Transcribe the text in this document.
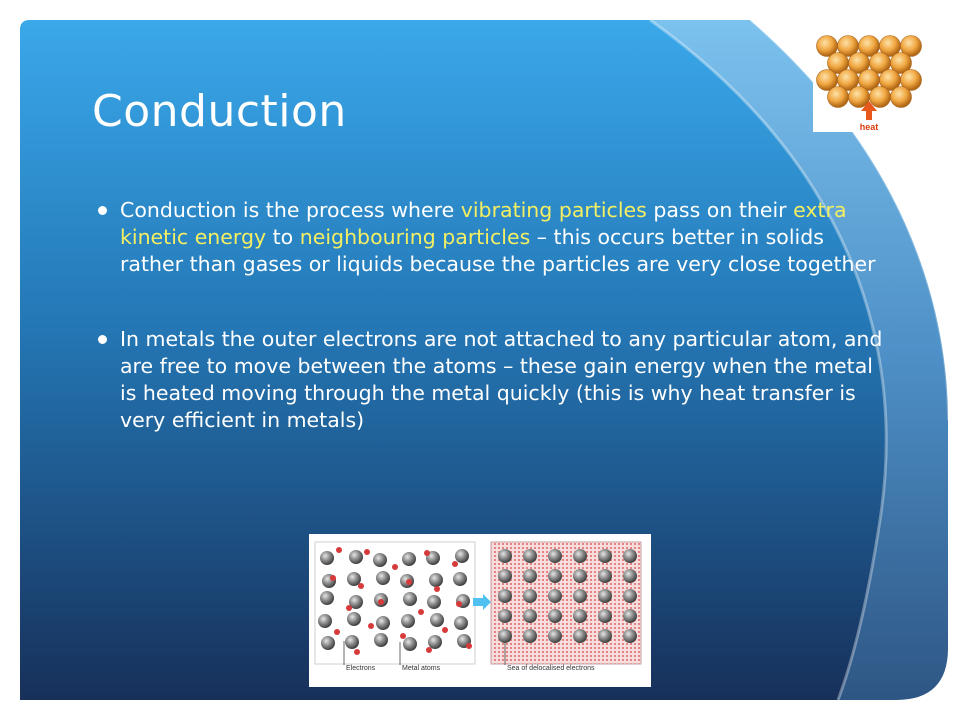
Conduction
Conduction is the process where vibrating particles pass on their extra kinetic energy to neighbouring particles – this occurs better in solids rather than gases or liquids because the particles are very close together
In metals the outer electrons are not attached to any particular atom, and are free to move between the atoms – these gain energy when the metal is heated moving through the metal quickly (this is why heat transfer is very efficient in metals)
heat
Electrons	Metal atoms	Sea of delocalised electrons
